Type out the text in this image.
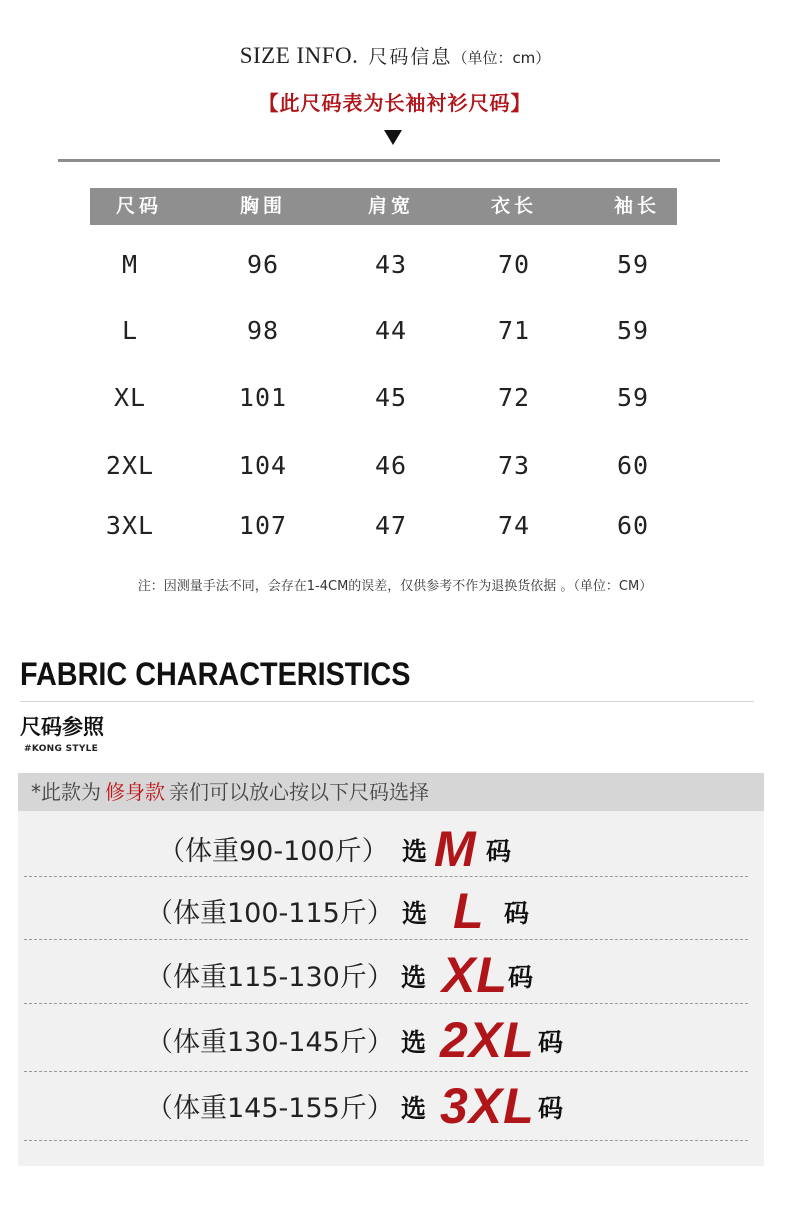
SIZE INFO. 尺码信息（单位：cm）
【此尺码表为长袖衬衫尺码】
尺码	胸围	肩宽	衣长	袖长
M	96	43	70	59
L	98	44	71	59
XL	101	45	72	59
2XL	104	46	73	60
3XL	107	47	74	60
注：因测量手法不同，会存在1-4CM的误差，仅供参考不作为退换货依据 。（单位：CM）
FABRIC CHARACTERISTICS
尺码参照
#KONG STYLE
*此款为 修身款 亲们可以放心按以下尺码选择
（体重90-100斤） 选 M 码
（体重100-115斤） 选 L 码
（体重115-130斤） 选 XL 码
（体重130-145斤） 选 2XL 码
（体重145-155斤） 选 3XL 码
